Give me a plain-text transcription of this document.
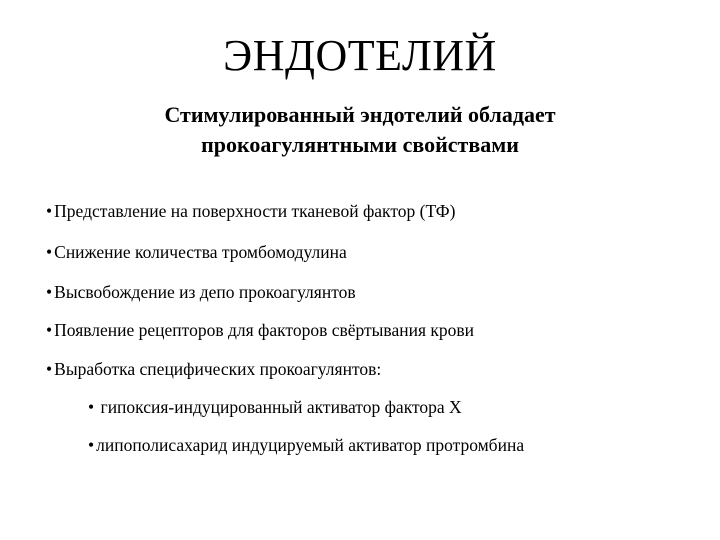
ЭНДОТЕЛИЙ
Стимулированный эндотелий обладает
прокоагулянтными свойствами
• Представление на поверхности тканевой фактор (ТФ)
• Снижение количества тромбомодулина
• Высвобождение из депо прокоагулянтов
• Появление рецепторов для факторов свёртывания крови
• Выработка специфических прокоагулянтов:
• гипоксия-индуцированный активатор фактора Х
• липополисахарид индуцируемый активатор протромбина
